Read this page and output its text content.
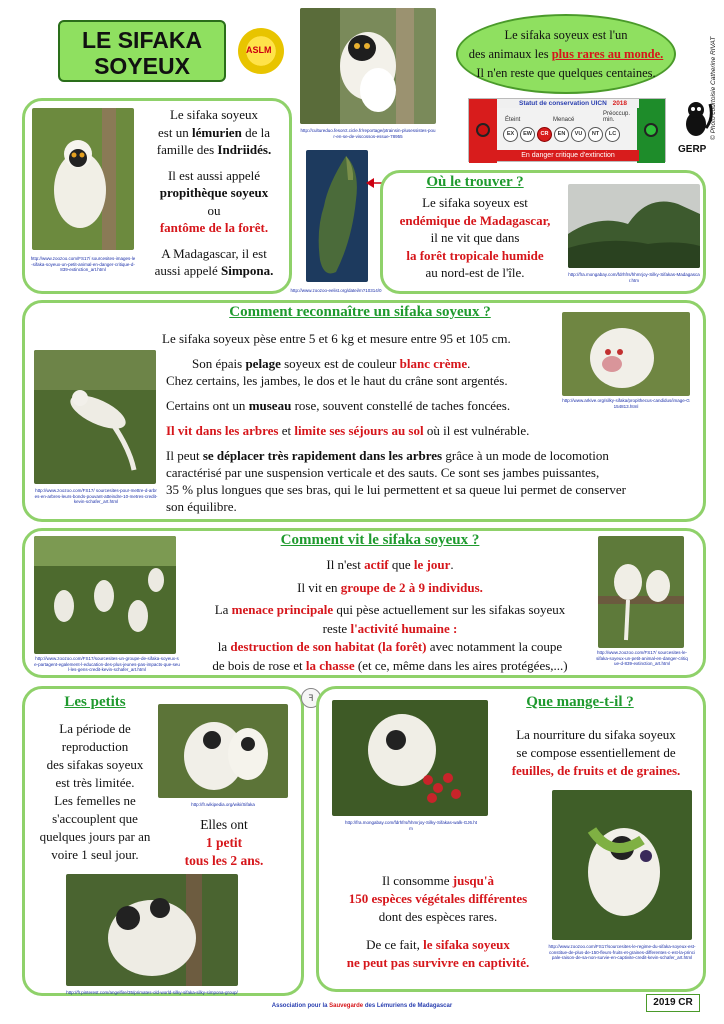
LE SIFAKA
SOYEUX
ASLM
http://cultureduo.fesorct.cicle.fr/reportage/ptrainsin-plusessistes-pour-en-se-de-viscossos-essue-78955
Le sifaka soyeux est l'un
des animaux les plus rares au monde.
Il n'en reste que quelques centaines.
Statut de conservation UICN 2018
Éteint	Menacé
Préoccup. min.
EX	EW	CR	EN	VU	NT	LC
En danger critique d'extinction
GERP
© Photo courtoisie Catherine RIVAT
http://www.zoozoo.com/FS17/ sourcesites-images-le-sifaka-soyeux-un-petit-animal-en-danger-critique-d-839-extinction_art.html
Le sifaka soyeux
est un lémurien de la
famille des Indriidés.
Il est aussi appelé
propithèque soyeux
ou
fantôme de la forêt.
A Madagascar, il est
aussi appelé Simpona.
http://www.zoozoo-eelist.org/datei/m?10314/0
Où le trouver ?
Le sifaka soyeux est
endémique de Madagascar,
il ne vit que dans
la forêt tropicale humide
au nord-est de l'île.	http://fra.mongabay.com/fdrhfrs/hhmrjoy-Silky-Sifakas-Madagascar.htm
Comment reconnaître un sifaka soyeux ?
http://www.zoozoo.com/FS17/ sourcesites-pour-mettre-d-arbres-en-arbres-leurs-bonds-pouvant-atteindre-10-metres-credit-kevin-schafer_art.html
http://www.arkive.org/silky-sifaka/propithecus-candidus/image-G154813.html
Le sifaka soyeux pèse entre 5 et 6 kg et mesure entre 95 et 105 cm.
Son épais pelage soyeux est de couleur blanc crème.
Chez certains, les jambes, le dos et le haut du crâne sont argentés.
Certains ont un museau rose, souvent constellé de taches foncées.
Il vit dans les arbres et limite ses séjours au sol où il est vulnérable.
Il peut se déplacer très rapidement dans les arbres grâce à un mode de locomotion
caractérisé par une suspension verticale et des sauts. Ce sont ses jambes puissantes,
35 % plus longues que ses bras, qui le lui permettent et sa queue lui permet de conserver
son équilibre.
Comment vit le sifaka soyeux ?
http://www.zoozoo.com/FS17/sourcesites-un-groupe-de-sifaka-soyeux-se-partagent-egalement-l-education-des-plus-jeunes-pas-impacts-que-seul-les-gens-credit-kevin-schafer_art.html
http://www.zoozoo.com/FS17/ sourcesites-le-sifaka-soyeux-un-petit-animal-en-danger-critique-d-839-extinction_art.html
Il n'est actif que le jour.
Il vit en groupe de 2 à 9 individus.
La menace principale qui pèse actuellement sur les sifakas soyeux
reste l'activité humaine :
la destruction de son habitat (la forêt) avec notamment la coupe
de bois de rose et la chasse (et ce, même dans les aires protégées,...)
Les petits
La période de
reproduction
des sifakas soyeux
est très limitée.
Les femelles ne
s'accouplent que
quelques jours par an
voire 1 seul jour.
http://fr.wikipedia.org/wiki/Sifaka
Elles ont
1 petit
tous les 2 ans.
http://fr.pinterest.com/angelfire/35/primates-old-world-silky-sifaka-silky-simpona-group/
ꟻ	Que mange-t-il ?
http://fra.mongabay.com/fdrhfrs/hhmrjoy-Silky-Sifakas-walk-GJ6.htm
La nourriture du sifaka soyeux
se compose essentiellement de
feuilles, de fruits et de graines.
http://www.zoozoo.com/FS17/sourcesites-le-regime-du-sifaka-soyeux-est-constitue-de-plus-de-150-fleurs-fruits-et-graines-differentes-c-est-la-principale-raison-de-sa-non-survie-en-captivite-credit-kevin-schafer_art.html
Il consomme jusqu'à
150 espèces végétales différentes
dont des espèces rares.
De ce fait, le sifaka soyeux
ne peut pas survivre en captivité.
Association pour la Sauvegarde des Lémuriens de Madagascar	2019 CR
